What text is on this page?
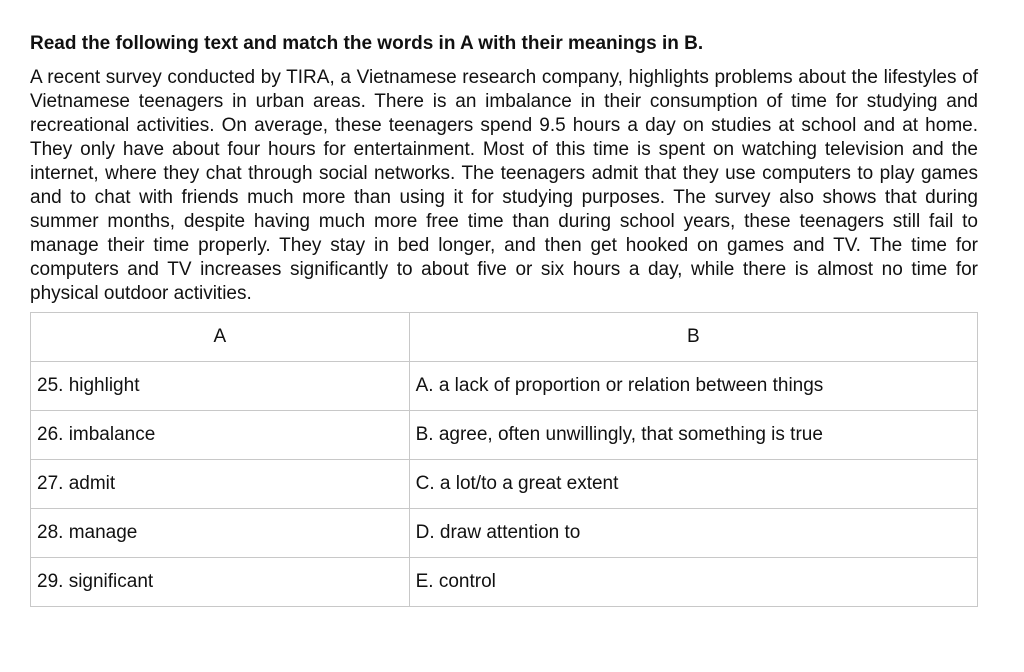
Read the following text and match the words in A with their meanings in B.

A recent survey conducted by TIRA, a Vietnamese research company, highlights problems about the lifestyles of Vietnamese teenagers in urban areas. There is an imbalance in their consumption of time for studying and recreational activities. On average, these teenagers spend 9.5 hours a day on studies at school and at home. They only have about four hours for entertainment. Most of this time is spent on watching television and the internet, where they chat through social networks. The teenagers admit that they use computers to play games and to chat with friends much more than using it for studying purposes. The survey also shows that during summer months, despite having much more free time than during school years, these teenagers still fail to manage their time properly. They stay in bed longer, and then get hooked on games and TV. The time for computers and TV increases significantly to about five or six hours a day, while there is almost no time for physical outdoor activities.

A	B
25. highlight	A. a lack of proportion or relation between things
26. imbalance	B. agree, often unwillingly, that something is true
27. admit	C. a lot/to a great extent
28. manage	D. draw attention to
29. significant	E. control
